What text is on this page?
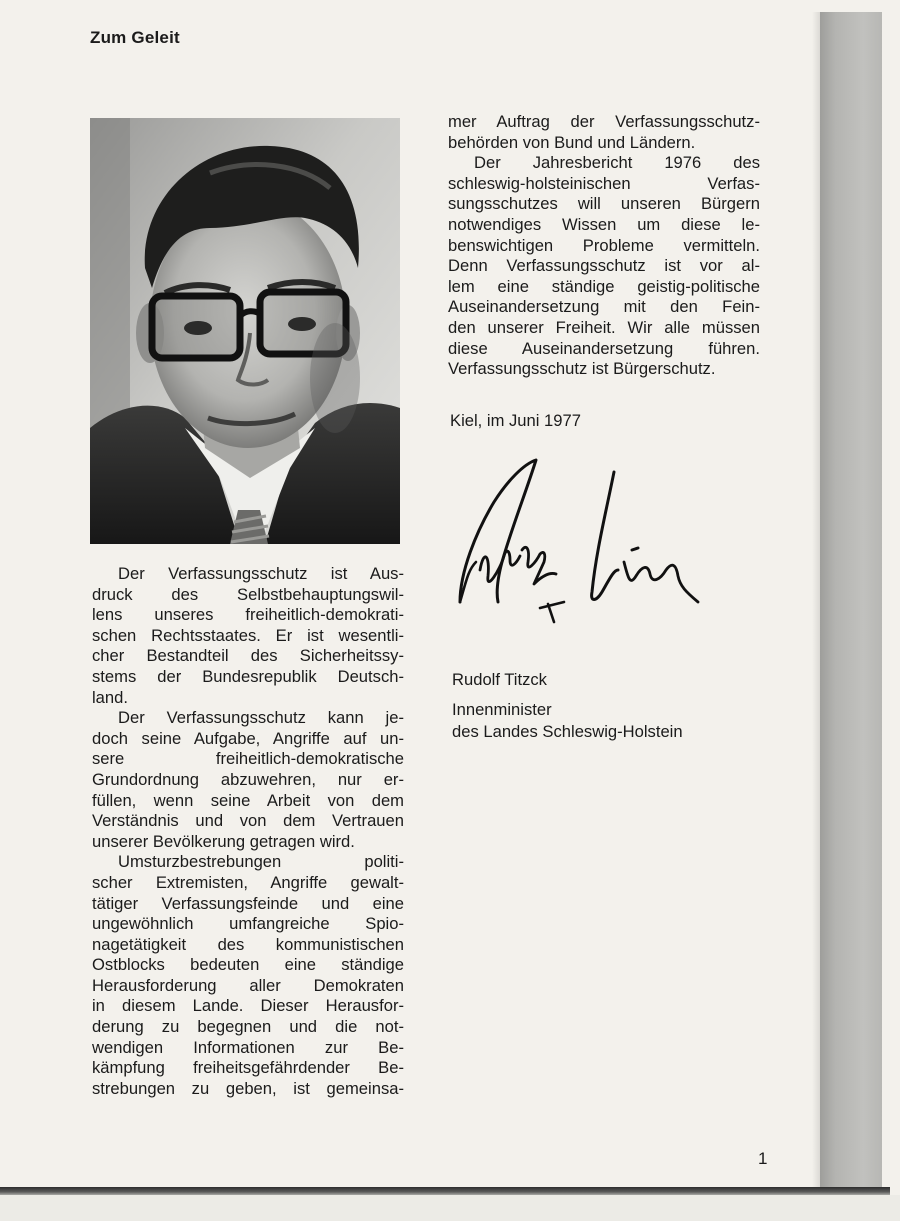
Zum Geleit

Der Verfassungsschutz ist Aus-

druck des Selbstbehauptungswil-

lens unseres freiheitlich-demokrati-

schen Rechtsstaates. Er ist wesentli-

cher Bestandteil des Sicherheitssy-

stems der Bundesrepublik Deutsch-

land.

Der Verfassungsschutz kann je-

doch seine Aufgabe, Angriffe auf un-

sere freiheitlich-demokratische

Grundordnung abzuwehren, nur er-

füllen, wenn seine Arbeit von dem

Verständnis und von dem Vertrauen

unserer Bevölkerung getragen wird.

Umsturzbestrebungen politi-

scher Extremisten, Angriffe gewalt-

tätiger Verfassungsfeinde und eine

ungewöhnlich umfangreiche Spio-

nagetätigkeit des kommunistischen

Ostblocks bedeuten eine ständige

Herausforderung aller Demokraten

in diesem Lande. Dieser Herausfor-

derung zu begegnen und die not-

wendigen Informationen zur Be-

kämpfung freiheitsgefährdender Be-

strebungen zu geben, ist gemeinsa-

mer Auftrag der Verfassungsschutz-

behörden von Bund und Ländern.

Der Jahresbericht 1976 des

schleswig-holsteinischen Verfas-

sungsschutzes will unseren Bürgern

notwendiges Wissen um diese le-

benswichtigen Probleme vermitteln.

Denn Verfassungsschutz ist vor al-

lem eine ständige geistig-politische

Auseinandersetzung mit den Fein-

den unserer Freiheit. Wir alle müssen

diese Auseinandersetzung führen.

Verfassungsschutz ist Bürgerschutz.

Kiel, im Juni 1977
Rudolf Titzck
Innenminister
des Landes Schleswig-Holstein
1
